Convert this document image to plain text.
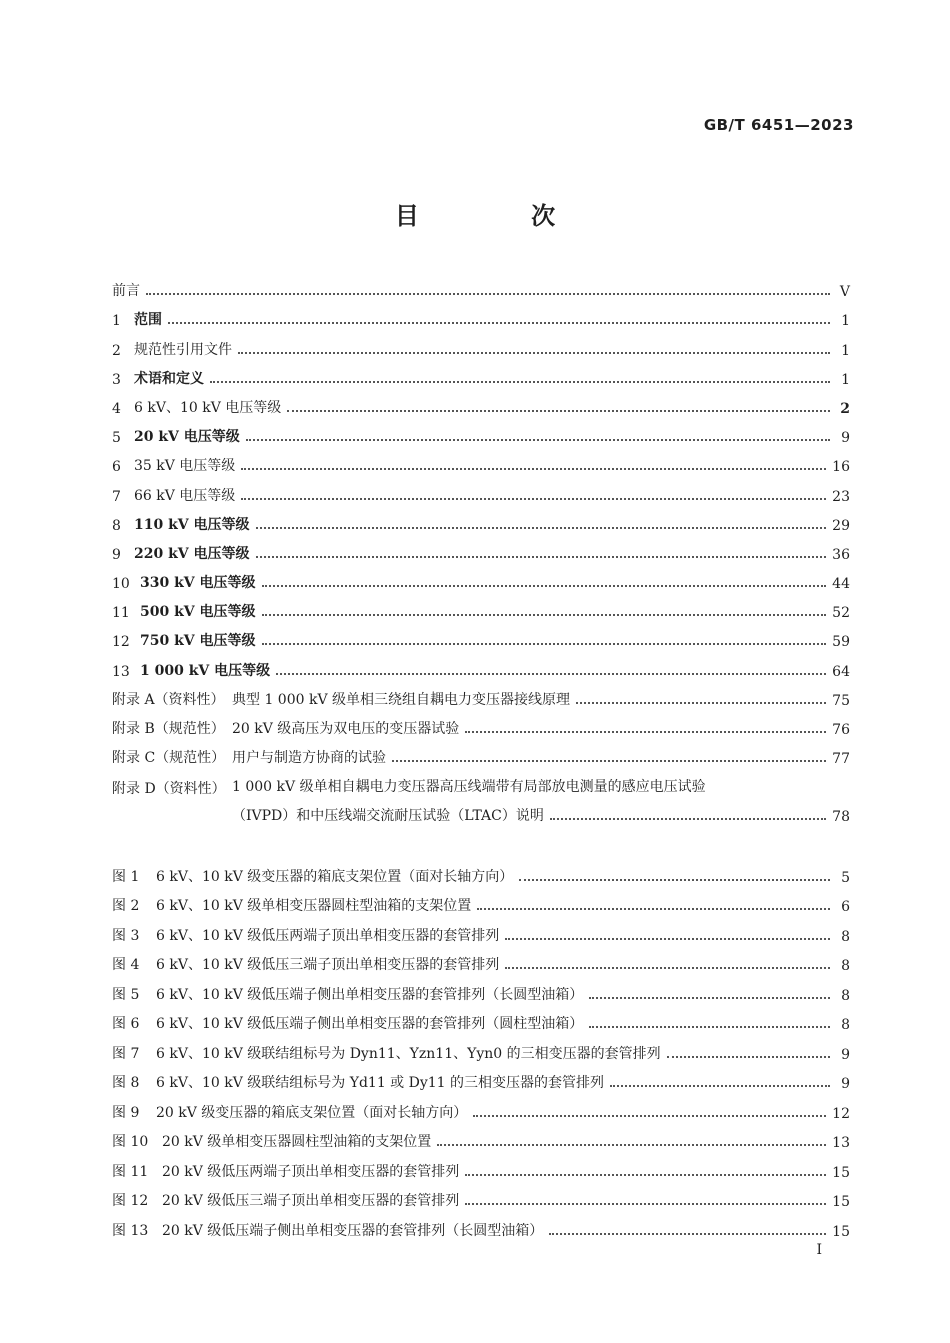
GB/T 6451—2023
目 次
前言	V
1 范围	1
2 规范性引用文件	1
3 术语和定义	1
4 6 kV、10 kV 电压等级	2
5 20 kV 电压等级	9
6 35 kV 电压等级	16
7 66 kV 电压等级	23
8 110 kV 电压等级	29
9 220 kV 电压等级	36
10 330 kV 电压等级	44
11 500 kV 电压等级	52
12 750 kV 电压等级	59
13 1 000 kV 电压等级	64
附录 A（资料性） 典型 1 000 kV 级单相三绕组自耦电力变压器接线原理	75
附录 B（规范性） 20 kV 级高压为双电压的变压器试验	76
附录 C（规范性） 用户与制造方协商的试验	77
附录 D（资料性） 1 000 kV 级单相自耦电力变压器高压线端带有局部放电测量的感应电压试验
（IVPD）和中压线端交流耐压试验（LTAC）说明	78
图 1	6 kV、10 kV 级变压器的箱底支架位置（面对长轴方向）	5
图 2	6 kV、10 kV 级单相变压器圆柱型油箱的支架位置	6
图 3	6 kV、10 kV 级低压两端子顶出单相变压器的套管排列	8
图 4	6 kV、10 kV 级低压三端子顶出单相变压器的套管排列	8
图 5	6 kV、10 kV 级低压端子侧出单相变压器的套管排列（长圆型油箱）	8
图 6	6 kV、10 kV 级低压端子侧出单相变压器的套管排列（圆柱型油箱）	8
图 7	6 kV、10 kV 级联结组标号为 Dyn11、Yzn11、Yyn0 的三相变压器的套管排列	9
图 8	6 kV、10 kV 级联结组标号为 Yd11 或 Dy11 的三相变压器的套管排列	9
图 9	20 kV 级变压器的箱底支架位置（面对长轴方向）	12
图 10 20 kV 级单相变压器圆柱型油箱的支架位置	13
图 11 20 kV 级低压两端子顶出单相变压器的套管排列	15
图 12 20 kV 级低压三端子顶出单相变压器的套管排列	15
图 13 20 kV 级低压端子侧出单相变压器的套管排列（长圆型油箱）	15
I
